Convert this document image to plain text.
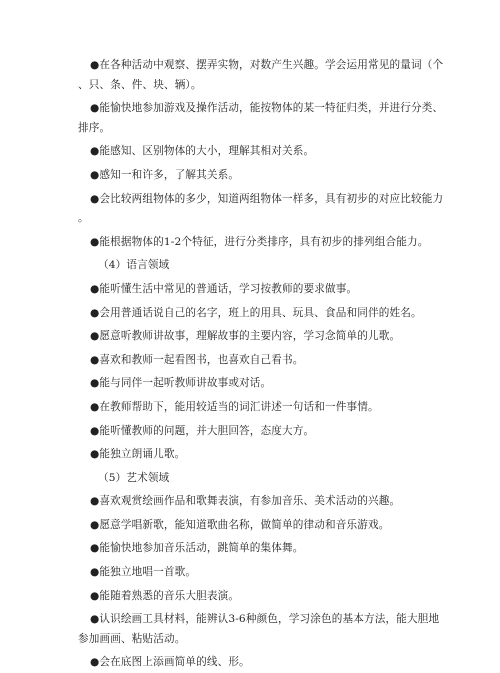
●在各种活动中观察、摆弄实物，对数产生兴趣。学会运用常见的量词（个
、只、条、件、块、辆）。
●能愉快地参加游戏及操作活动，能按物体的某一特征归类，并进行分类、
排序。
●能感知、区别物体的大小，理解其相对关系。
●感知一和许多，了解其关系。
●会比较两组物体的多少，知道两组物体一样多，具有初步的对应比较能力
。
●能根据物体的1-2个特征，进行分类排序，具有初步的排列组合能力。
（4）语言领域
●能听懂生活中常见的普通话，学习按教师的要求做事。
●会用普通话说自己的名字，班上的用具、玩具、食品和同伴的姓名。
●愿意听教师讲故事，理解故事的主要内容，学习念简单的儿歌。
●喜欢和教师一起看图书，也喜欢自己看书。
●能与同伴一起听教师讲故事或对话。
●在教师帮助下，能用较适当的词汇讲述一句话和一件事情。
●能听懂教师的问题，并大胆回答，态度大方。
●能独立朗诵儿歌。
（5）艺术领域
●喜欢观赏绘画作品和歌舞表演，有参加音乐、美术活动的兴趣。
●愿意学唱新歌，能知道歌曲名称，做简单的律动和音乐游戏。
●能愉快地参加音乐活动，跳简单的集体舞。
●能独立地唱一首歌。
●能随着熟悉的音乐大胆表演。
●认识绘画工具材料，能辨认3-6种颜色，学习涂色的基本方法，能大胆地
参加画画、粘贴活动。
●会在底图上添画简单的线、形。
